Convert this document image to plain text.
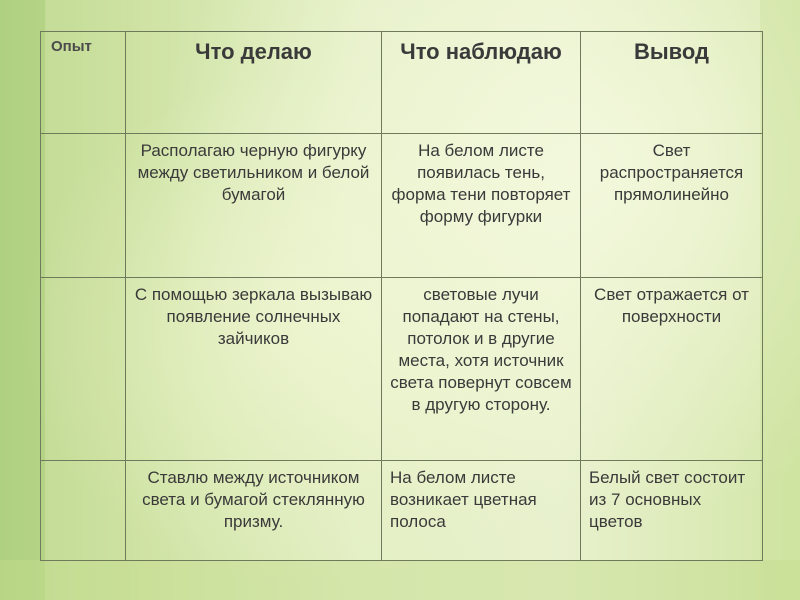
Опыт	Что делаю	Что наблюдаю	Вывод

	Располагаю черную фигурку между светильником и белой бумагой	На белом листе появилась тень, форма тени повторяет форму фигурки	Свет распространяется прямолинейно

	С помощью зеркала вызываю появление солнечных зайчиков	световые лучи попадают на стены, потолок и в другие места, хотя источник света повернут совсем в другую сторону.	Свет отражается от поверхности

	Ставлю между источником света и бумагой стеклянную призму.	На белом листе возникает цветная полоса	Белый свет состоит из 7 основных цветов
